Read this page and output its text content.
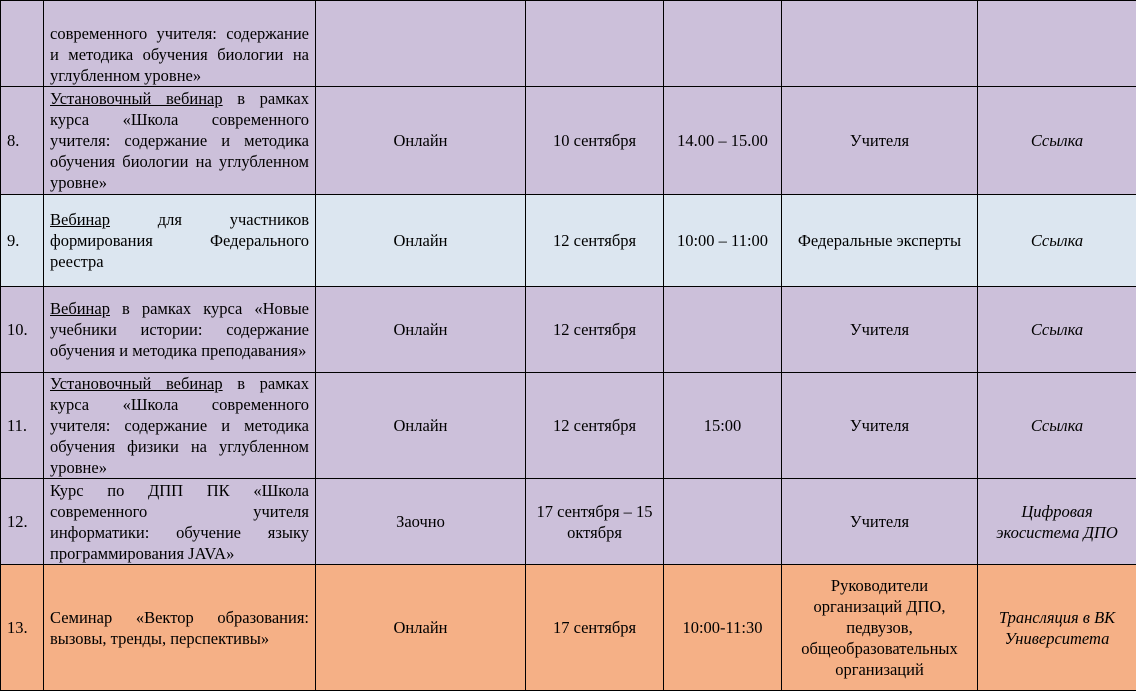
	современного учителя: содержание и методика обучения биологии на углубленном уровне»					

8.	Установочный вебинар в рамках курса «Школа современного учителя: содержание и методика обучения биологии на углубленном уровне»	Онлайн	10 сентября	14.00 – 15.00	Учителя	Ссылка
9.	Вебинар для участников формирования Федерального реестра	Онлайн	12 сентября	10:00 – 11:00	Федеральные эксперты	Ссылка
10.	Вебинар в рамках курса «Новые учебники истории: содержание обучения и методика преподавания»	Онлайн	12 сентября		Учителя	Ссылка
11.	Установочный вебинар в рамках курса «Школа современного учителя: содержание и методика обучения физики на углубленном уровне»	Онлайн	12 сентября	15:00	Учителя	Ссылка
12.	Курс по ДПП ПК «Школа современного учителя информатики: обучение языку программирования JAVA»	Заочно	17 сентября – 15 октября		Учителя	Цифровая экосистема ДПО
13.	Семинар «Вектор образования: вызовы, тренды, перспективы»	Онлайн	17 сентября	10:00-11:30	Руководители организаций ДПО, педвузов, общеобразовательных организаций	Трансляция в ВК Университета
